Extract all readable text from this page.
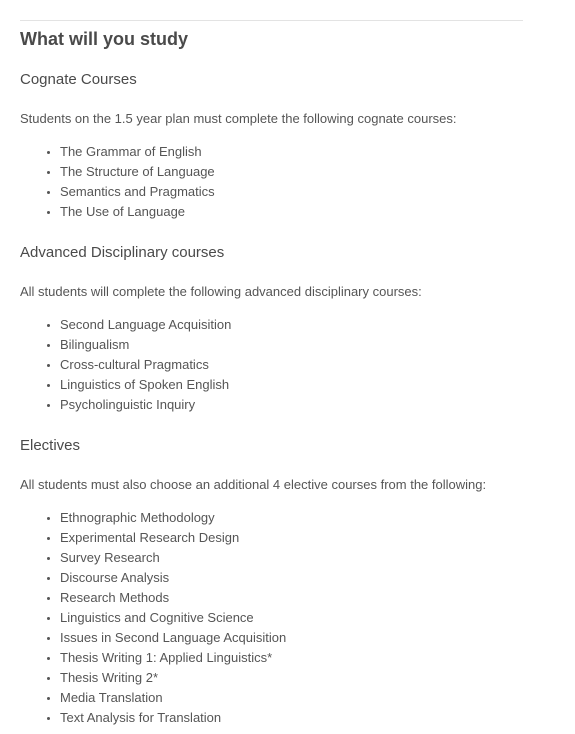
What will you study
Cognate Courses

Students on the 1.5 year plan must complete the following cognate courses:

• The Grammar of English
• The Structure of Language
• Semantics and Pragmatics
• The Use of Language
Advanced Disciplinary courses

All students will complete the following advanced disciplinary courses:

• Second Language Acquisition
• Bilingualism
• Cross-cultural Pragmatics
• Linguistics of Spoken English
• Psycholinguistic Inquiry
Electives

All students must also choose an additional 4 elective courses from the following:

• Ethnographic Methodology
• Experimental Research Design
• Survey Research
• Discourse Analysis
• Research Methods
• Linguistics and Cognitive Science
• Issues in Second Language Acquisition
• Thesis Writing 1: Applied Linguistics*
• Thesis Writing 2*
• Media Translation
• Text Analysis for Translation
